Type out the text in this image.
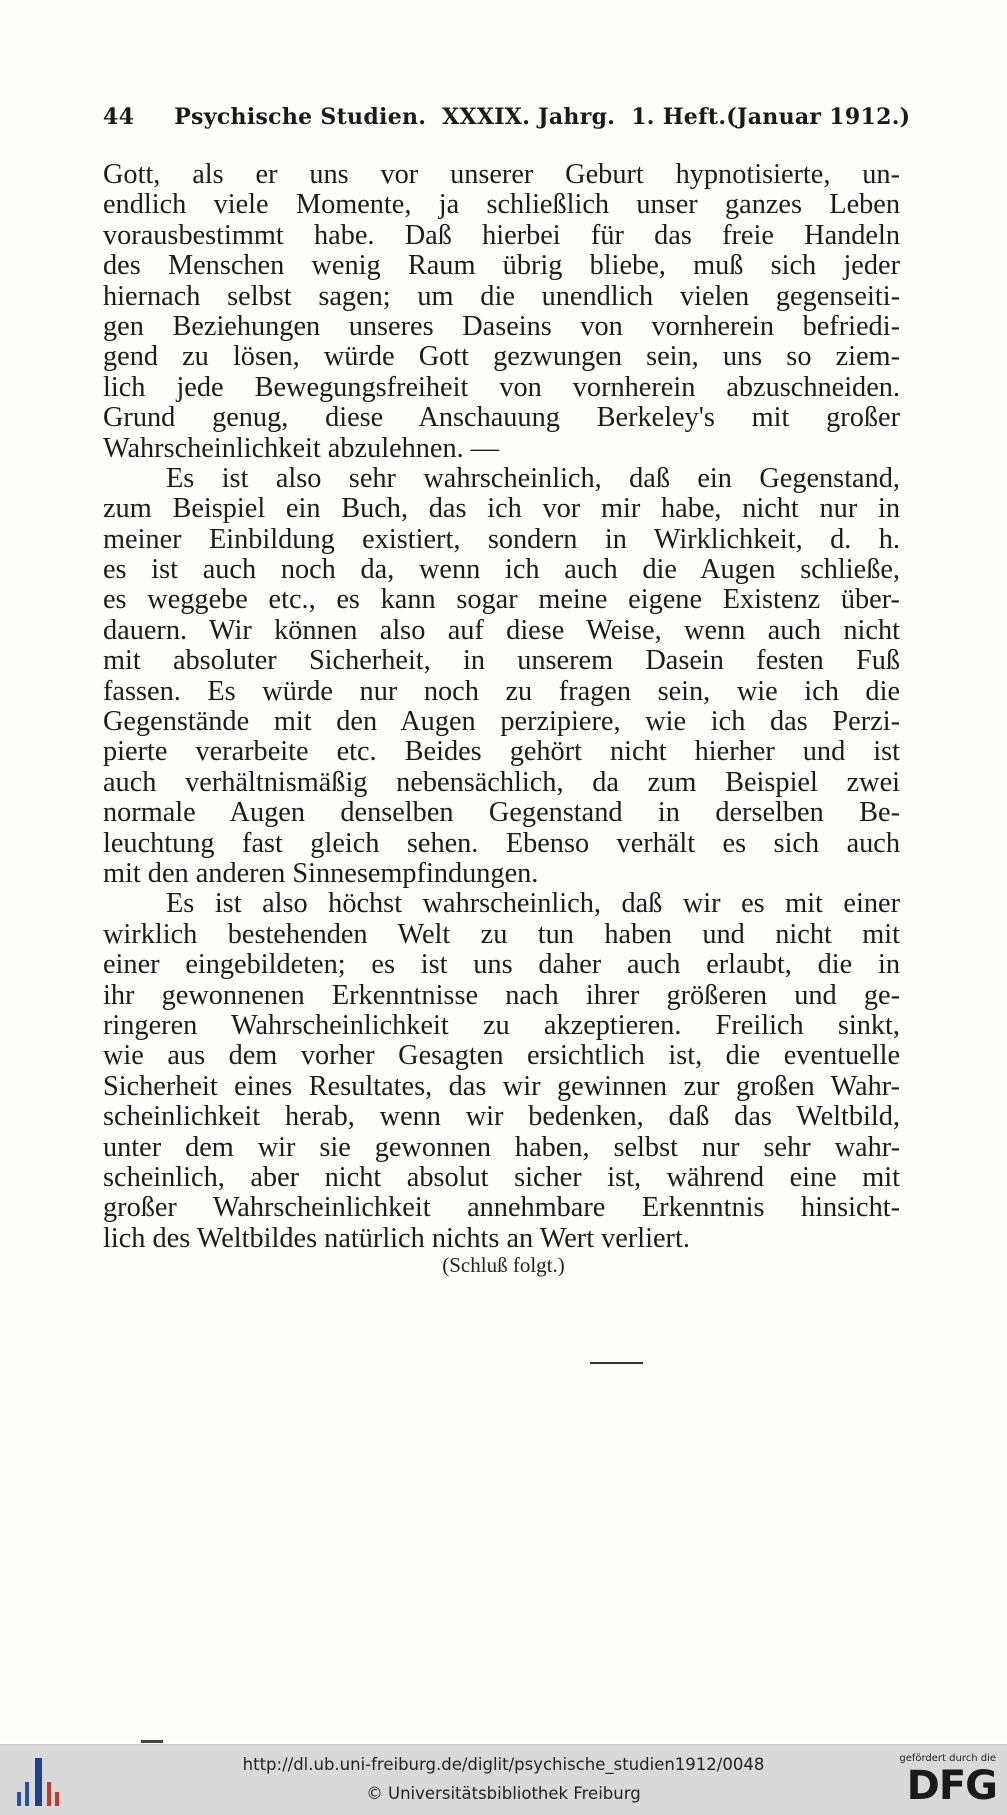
44	Psychische Studien. XXXIX. Jahrg. 1. Heft. (Januar 1912.)
Gott, als er uns vor unserer Geburt hypnotisierte, un-
endlich viele Momente, ja schließlich unser ganzes Leben
vorausbestimmt habe. Daß hierbei für das freie Handeln
des Menschen wenig Raum übrig bliebe, muß sich jeder
hiernach selbst sagen; um die unendlich vielen gegenseiti-
gen Beziehungen unseres Daseins von vornherein befriedi-
gend zu lösen, würde Gott gezwungen sein, uns so ziem-
lich jede Bewegungsfreiheit von vornherein abzuschneiden.
Grund genug, diese Anschauung Berkeley's mit großer
Wahrscheinlichkeit abzulehnen. —
Es ist also sehr wahrscheinlich, daß ein Gegenstand,
zum Beispiel ein Buch, das ich vor mir habe, nicht nur in
meiner Einbildung existiert, sondern in Wirklichkeit, d. h.
es ist auch noch da, wenn ich auch die Augen schließe,
es weggebe etc., es kann sogar meine eigene Existenz über-
dauern. Wir können also auf diese Weise, wenn auch nicht
mit absoluter Sicherheit, in unserem Dasein festen Fuß
fassen. Es würde nur noch zu fragen sein, wie ich die
Gegenstände mit den Augen perzipiere, wie ich das Perzi-
pierte verarbeite etc. Beides gehört nicht hierher und ist
auch verhältnismäßig nebensächlich, da zum Beispiel zwei
normale Augen denselben Gegenstand in derselben Be-
leuchtung fast gleich sehen. Ebenso verhält es sich auch
mit den anderen Sinnesempfindungen.
Es ist also höchst wahrscheinlich, daß wir es mit einer
wirklich bestehenden Welt zu tun haben und nicht mit
einer eingebildeten; es ist uns daher auch erlaubt, die in
ihr gewonnenen Erkenntnisse nach ihrer größeren und ge-
ringeren Wahrscheinlichkeit zu akzeptieren. Freilich sinkt,
wie aus dem vorher Gesagten ersichtlich ist, die eventuelle
Sicherheit eines Resultates, das wir gewinnen zur großen Wahr-
scheinlichkeit herab, wenn wir bedenken, daß das Weltbild,
unter dem wir sie gewonnen haben, selbst nur sehr wahr-
scheinlich, aber nicht absolut sicher ist, während eine mit
großer Wahrscheinlichkeit annehmbare Erkenntnis hinsicht-
lich des Weltbildes natürlich nichts an Wert verliert.
(Schluß folgt.)
http://dl.ub.uni-freiburg.de/diglit/psychische_studien1912/0048
© Universitätsbibliothek Freiburg
gefördert durch die
DFG
